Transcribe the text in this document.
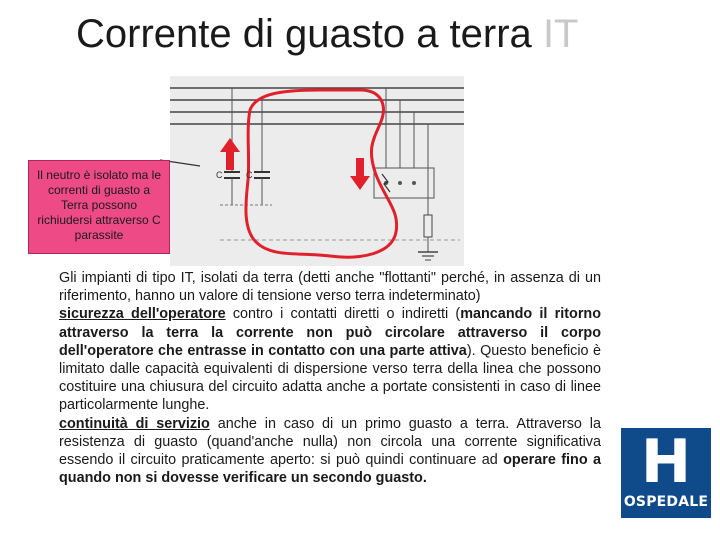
Corrente di guasto a terra IT
C	C
Il neutro è isolato ma le correnti di guasto a Terra possono richiudersi attraverso C parassite
Gli impianti di tipo IT, isolati da terra (detti anche "flottanti" perché, in assenza di un riferimento, hanno un valore di tensione verso terra indeterminato)
sicurezza dell'operatore contro i contatti diretti o indiretti (mancando il ritorno attraverso la terra la corrente non può circolare attraverso il corpo dell'operatore che entrasse in contatto con una parte attiva). Questo beneficio è limitato dalle capacità equivalenti di dispersione verso terra della linea che possono costituire una chiusura del circuito adatta anche a portate consistenti in caso di linee particolarmente lunghe.
continuità di servizio anche in caso di un primo guasto a terra. Attraverso la resistenza di guasto (quand'anche nulla) non circola una corrente significativa essendo il circuito praticamente aperto: si può quindi continuare ad operare fino a quando non si dovesse verificare un secondo guasto.	H
OSPEDALE
